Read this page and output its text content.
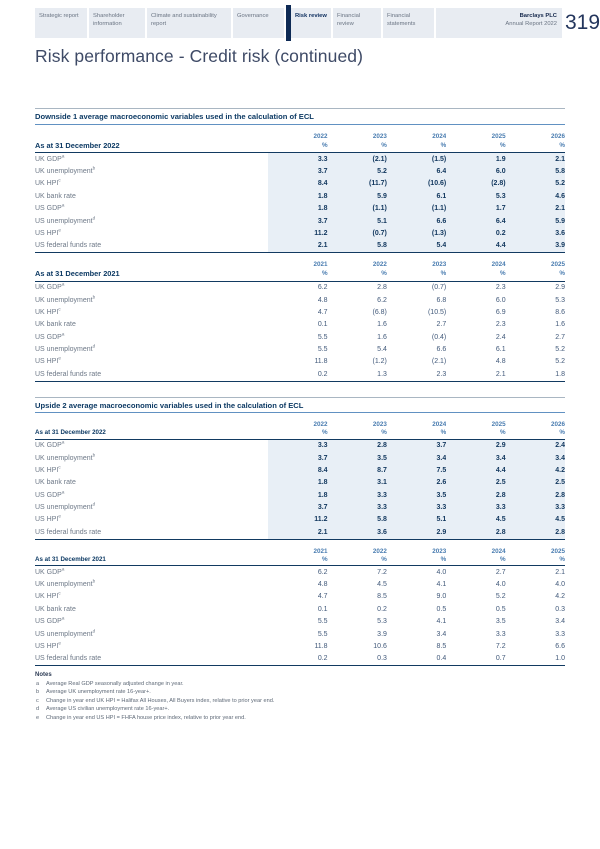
Strategic report	Shareholder information
Climate and sustainability report
Governance	Risk review	Financial review
Financial statements
Barclays PLC
Annual Report 2022 319
Risk performance - Credit risk (continued)
Downside 1 average macroeconomic variables used in the calculation of ECL
	2022	2023	2024	2025	2026
As at 31 December 2022	%	%	%	%	%
UK GDP$^a$	3.3	(2.1)	(1.5)	1.9	2.1
UK unemployment$^b$	3.7	5.2	6.4	6.0	5.8
UK HPI$^c$	8.4	(11.7)	(10.6)	(2.8)	5.2
UK bank rate	1.8	5.9	6.1	5.3	4.6
US GDP$^a$	1.8	(1.1)	(1.1)	1.7	2.1
US unemployment$^d$	3.7	5.1	6.6	6.4	5.9
US HPI$^e$	11.2	(0.7)	(1.3)	0.2	3.6
US federal funds rate	2.1	5.8	5.4	4.4	3.9
	2021	2022	2023	2024	2025
As at 31 December 2021	%	%	%	%	%
UK GDP$^a$	6.2	2.8	(0.7)	2.3	2.9
UK unemployment$^b$	4.8	6.2	6.8	6.0	5.3
UK HPI$^c$	4.7	(6.8)	(10.5)	6.9	8.6
UK bank rate	0.1	1.6	2.7	2.3	1.6
US GDP$^a$	5.5	1.6	(0.4)	2.4	2.7
US unemployment$^d$	5.5	5.4	6.6	6.1	5.2
US HPI$^e$	11.8	(1.2)	(2.1)	4.8	5.2
US federal funds rate	0.2	1.3	2.3	2.1	1.8
Upside 2 average macroeconomic variables used in the calculation of ECL
	2022	2023	2024	2025	2026
As at 31 December 2022	%	%	%	%	%
UK GDP$^a$	3.3	2.8	3.7	2.9	2.4
UK unemployment$^b$	3.7	3.5	3.4	3.4	3.4
UK HPI$^c$	8.4	8.7	7.5	4.4	4.2
UK bank rate	1.8	3.1	2.6	2.5	2.5
US GDP$^a$	1.8	3.3	3.5	2.8	2.8
US unemployment$^d$	3.7	3.3	3.3	3.3	3.3
US HPI$^e$	11.2	5.8	5.1	4.5	4.5
US federal funds rate	2.1	3.6	2.9	2.8	2.8
	2021	2022	2023	2024	2025
As at 31 December 2021	%	%	%	%	%
UK GDP$^a$	6.2	7.2	4.0	2.7	2.1
UK unemployment$^b$	4.8	4.5	4.1	4.0	4.0
UK HPI$^c$	4.7	8.5	9.0	5.2	4.2
UK bank rate	0.1	0.2	0.5	0.5	0.3
US GDP$^a$	5.5	5.3	4.1	3.5	3.4
US unemployment$^d$	5.5	3.9	3.4	3.3	3.3
US HPI$^e$	11.8	10.6	8.5	7.2	6.6
US federal funds rate	0.2	0.3	0.4	0.7	1.0
Notes
a	Average Real GDP seasonally adjusted change in year.
b	Average UK unemployment rate 16-year+.
c	Change in year end UK HPI = Halifax All Houses, All Buyers index, relative to prior year end.
d	Average US civilian unemployment rate 16-year+.
e	Change in year end US HPI = FHFA house price index, relative to prior year end.
